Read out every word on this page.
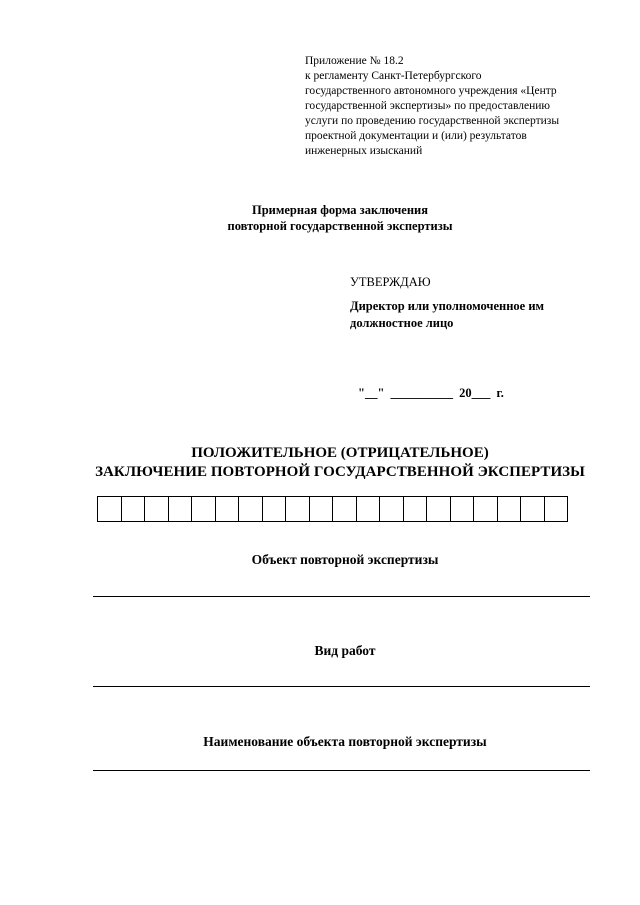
Приложение № 18.2
к регламенту Санкт-Петербургского
государственного автономного учреждения «Центр
государственной экспертизы» по предоставлению
услуги по проведению государственной экспертизы
проектной документации и (или) результатов
инженерных изысканий
Примерная форма заключения
повторной государственной экспертизы
УТВЕРЖДАЮ
Директор или уполномоченное им
должностное лицо
"__" __________ 20___ г.
ПОЛОЖИТЕЛЬНОЕ (ОТРИЦАТЕЛЬНОЕ)
ЗАКЛЮЧЕНИЕ ПОВТОРНОЙ ГОСУДАРСТВЕННОЙ ЭКСПЕРТИЗЫ
Объект повторной экспертизы
Вид работ
Наименование объекта повторной экспертизы
